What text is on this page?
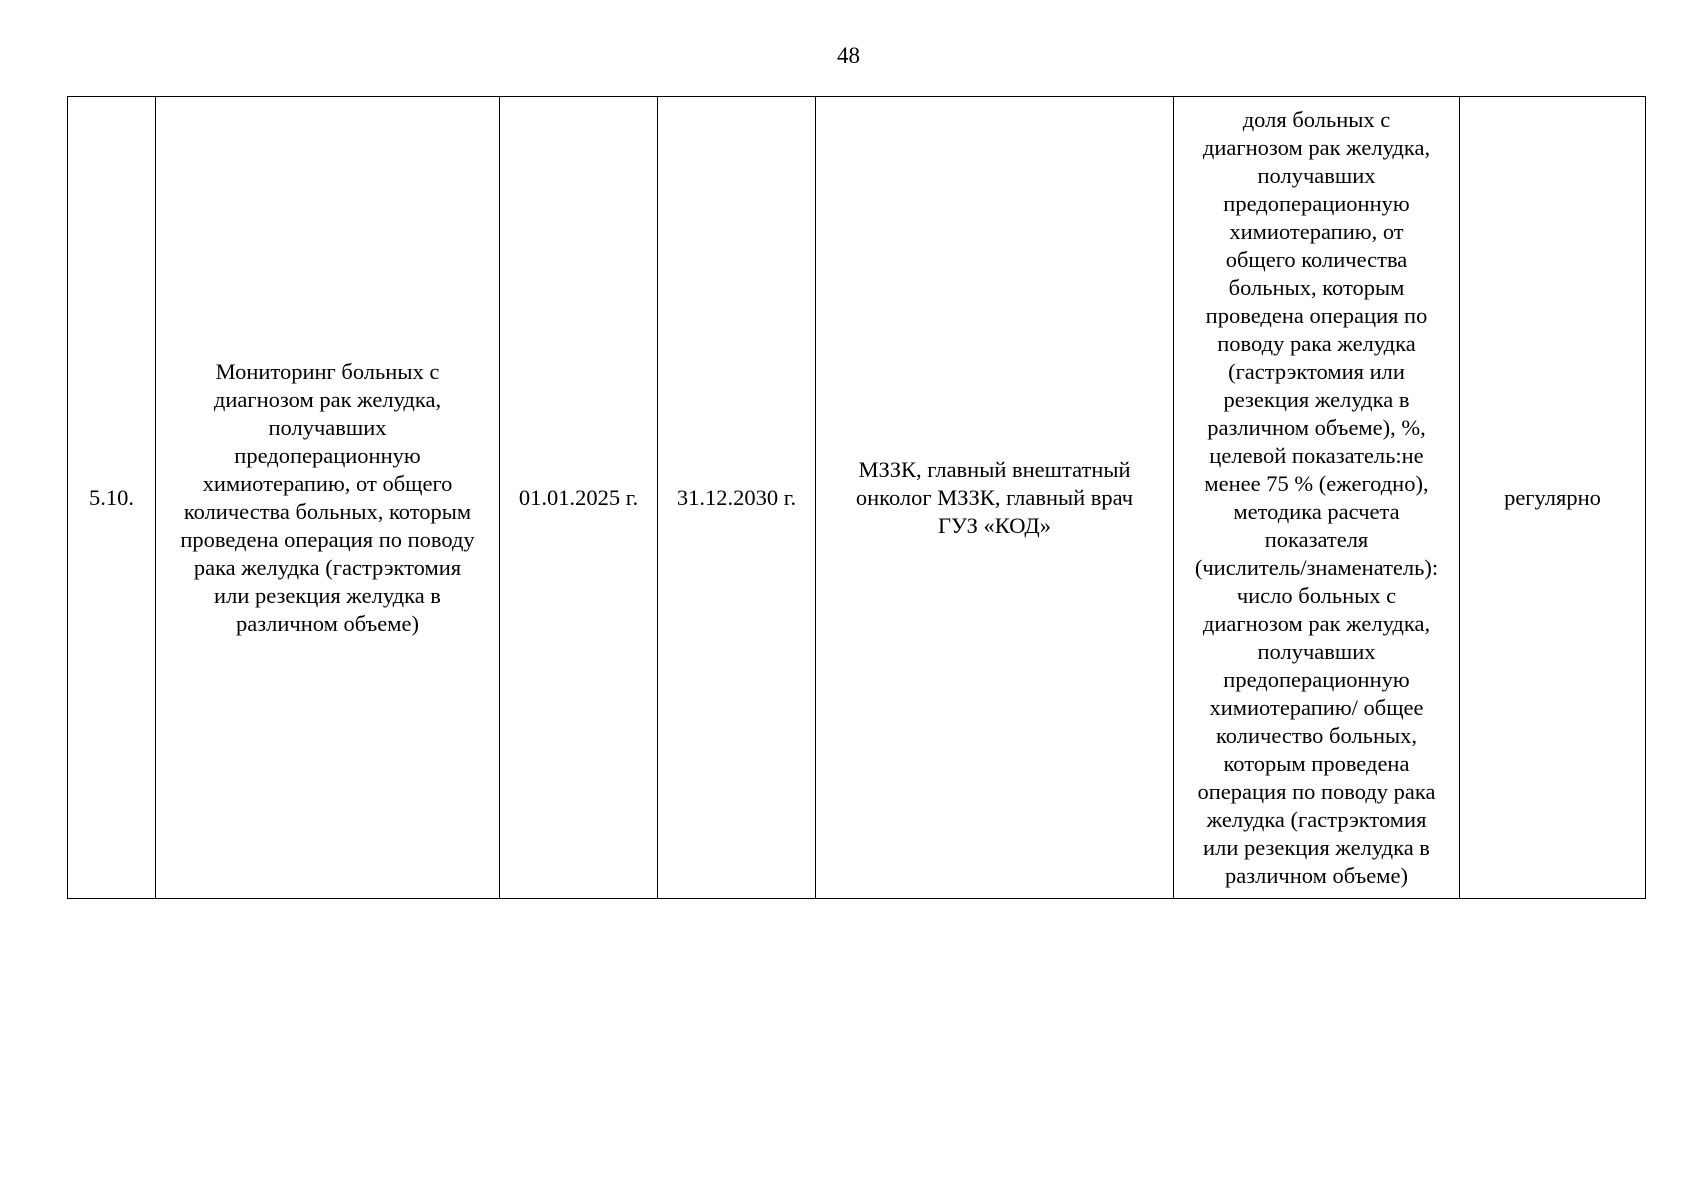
48
5.10.	Мониторинг больных с
диагнозом рак желудка,
получавших
предоперационную
химиотерапию, от общего
количества больных, которым
проведена операция по поводу
рака желудка (гастрэктомия
или резекция желудка в
различном объеме)	01.01.2025 г.	31.12.2030 г.	МЗЗК, главный внештатный
онколог МЗЗК, главный врач
ГУЗ «КОД»	доля больных с
диагнозом рак желудка,
получавших
предоперационную
химиотерапию, от
общего количества
больных, которым
проведена операция по
поводу рака желудка
(гастрэктомия или
резекция желудка в
различном объеме), %,
целевой показатель:не
менее 75 % (ежегодно),
методика расчета
показателя
(числитель/знаменатель):
число больных с
диагнозом рак желудка,
получавших
предоперационную
химиотерапию/ общее
количество больных,
которым проведена
операция по поводу рака
желудка (гастрэктомия
или резекция желудка в
различном объеме)	регулярно
